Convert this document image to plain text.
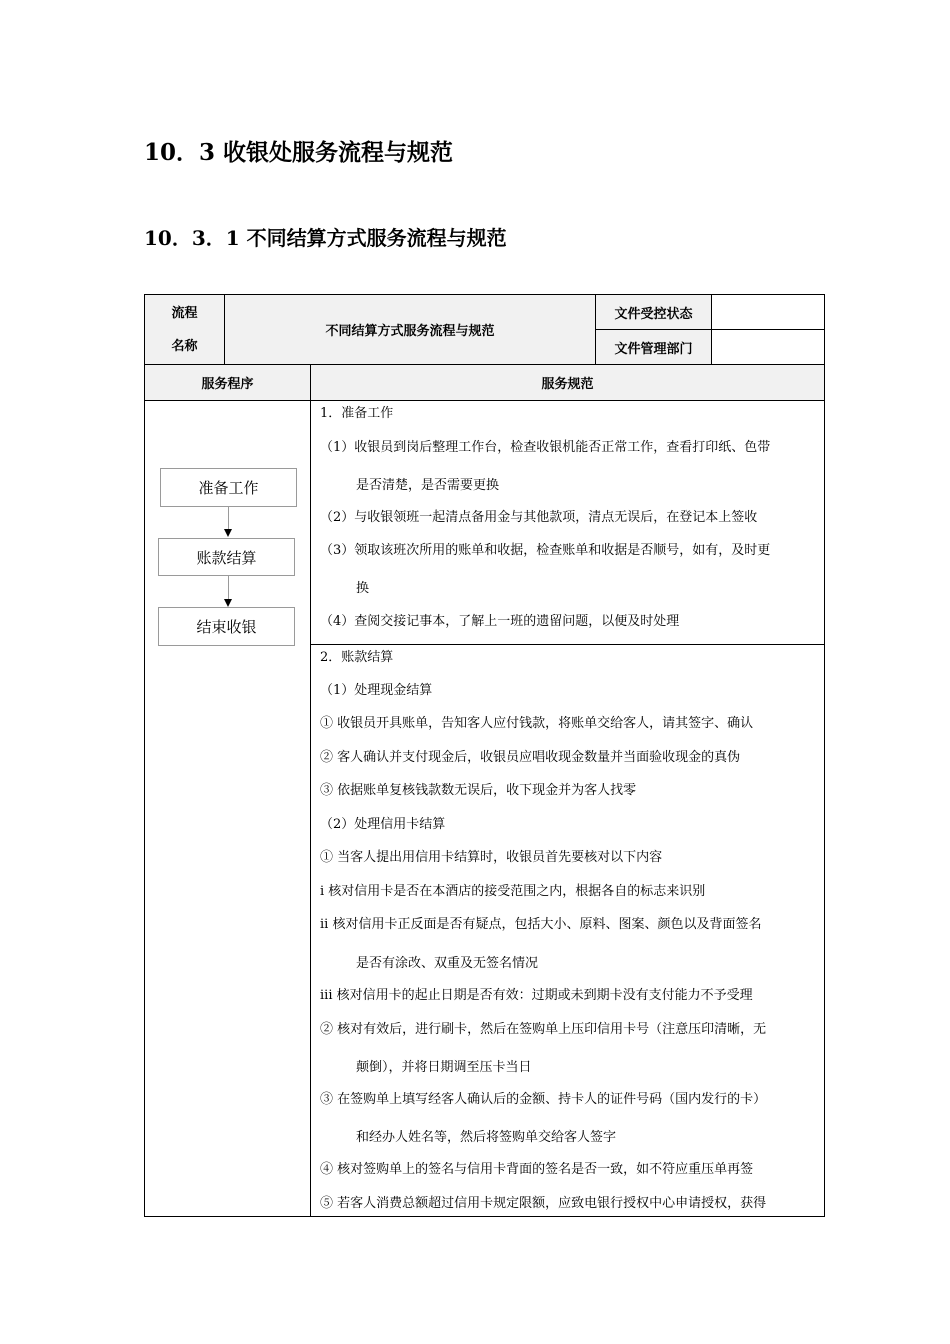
10．3 收银处服务流程与规范
10．3．1 不同结算方式服务流程与规范
流程
名称
不同结算方式服务流程与规范
文件受控状态
文件管理部门
服务程序	服务规范
准备工作
账款结算
结束收银
1．准备工作
（1）收银员到岗后整理工作台，检查收银机能否正常工作，查看打印纸、色带
是否清楚，是否需要更换
（2）与收银领班一起清点备用金与其他款项，清点无误后，在登记本上签收
（3）领取该班次所用的账单和收据，检查账单和收据是否顺号，如有，及时更
换
（4）查阅交接记事本，了解上一班的遗留问题，以便及时处理
2．账款结算
（1）处理现金结算
① 收银员开具账单，告知客人应付钱款，将账单交给客人，请其签字、确认
② 客人确认并支付现金后，收银员应唱收现金数量并当面验收现金的真伪
③ 依据账单复核钱款数无误后，收下现金并为客人找零
（2）处理信用卡结算
① 当客人提出用信用卡结算时，收银员首先要核对以下内容
i 核对信用卡是否在本酒店的接受范围之内，根据各自的标志来识别
ii 核对信用卡正反面是否有疑点，包括大小、原料、图案、颜色以及背面签名
是否有涂改、双重及无签名情况
iii 核对信用卡的起止日期是否有效：过期或未到期卡没有支付能力不予受理
② 核对有效后，进行刷卡，然后在签购单上压印信用卡号（注意压印清晰，无
颠倒），并将日期调至压卡当日
③ 在签购单上填写经客人确认后的金额、持卡人的证件号码（国内发行的卡）
和经办人姓名等，然后将签购单交给客人签字
④ 核对签购单上的签名与信用卡背面的签名是否一致，如不符应重压单再签
⑤ 若客人消费总额超过信用卡规定限额，应致电银行授权中心申请授权，获得
